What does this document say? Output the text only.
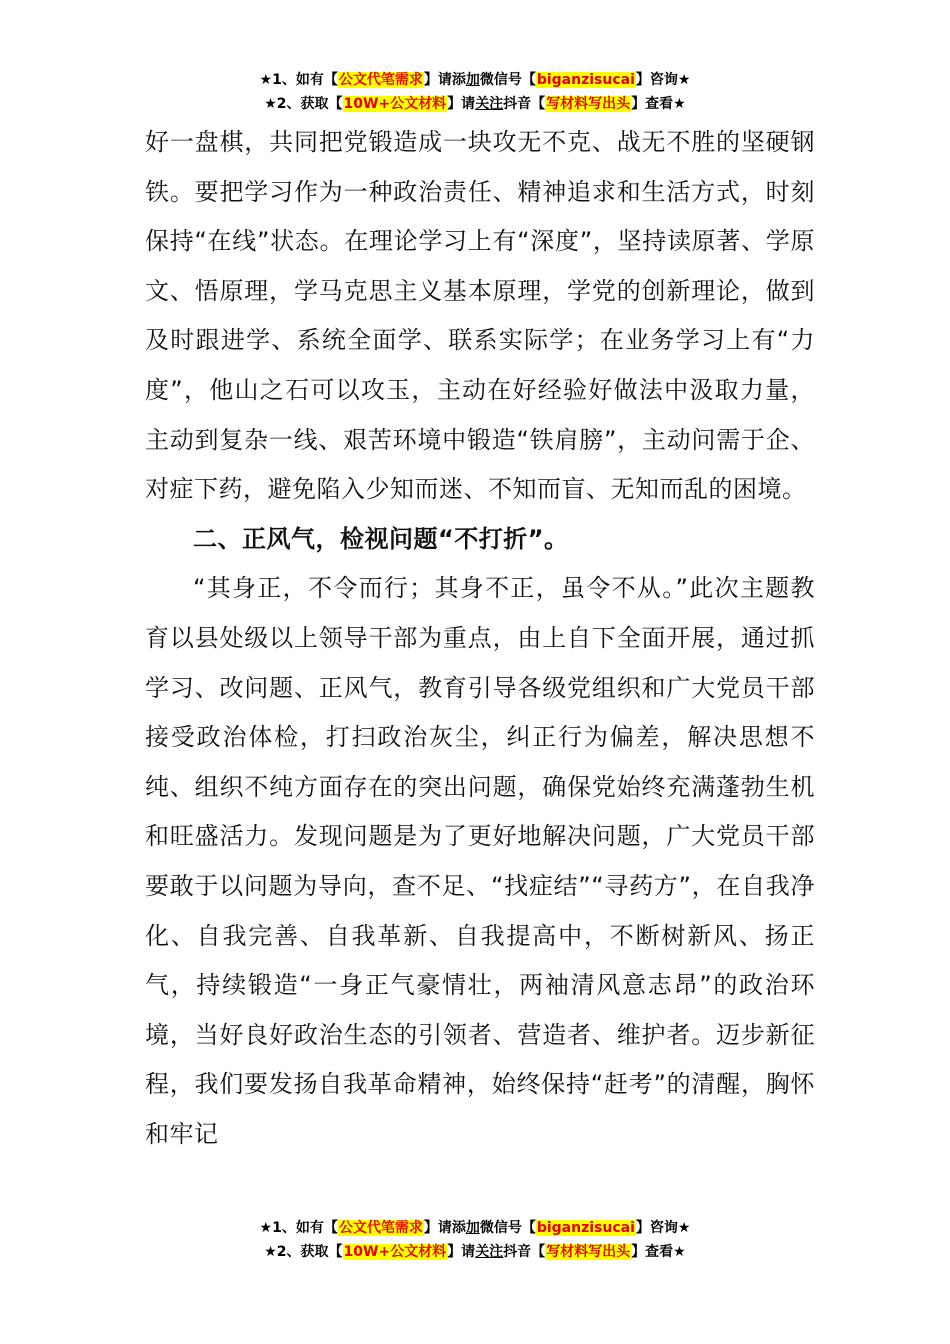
★1、如有【公文代笔需求】请添加微信号【biganzisucai】咨询★
★2、获取【10W+公文材料】请关注抖音【写材料写出头】查看★

好一盘棋，共同把党锻造成一块攻无不克、战无不胜的坚硬钢铁。要把学习作为一种政治责任、精神追求和生活方式，时刻保持“在线”状态。在理论学习上有“深度”，坚持读原著、学原文、悟原理，学马克思主义基本原理，学党的创新理论，做到及时跟进学、系统全面学、联系实际学；在业务学习上有“力度”，他山之石可以攻玉，主动在好经验好做法中汲取力量，主动到复杂一线、艰苦环境中锻造“铁肩膀”，主动问需于企、对症下药，避免陷入少知而迷、不知而盲、无知而乱的困境。

二、正风气，检视问题“不打折”。

“其身正，不令而行；其身不正，虽令不从。”此次主题教育以县处级以上领导干部为重点，由上自下全面开展，通过抓学习、改问题、正风气，教育引导各级党组织和广大党员干部接受政治体检，打扫政治灰尘，纠正行为偏差，解决思想不纯、组织不纯方面存在的突出问题，确保党始终充满蓬勃生机和旺盛活力。发现问题是为了更好地解决问题，广大党员干部要敢于以问题为导向，查不足、“找症结”“寻药方”，在自我净化、自我完善、自我革新、自我提高中，不断树新风、扬正气，持续锻造“一身正气豪情壮，两袖清风意志昂”的政治环境，当好良好政治生态的引领者、营造者、维护者。迈步新征程，我们要发扬自我革命精神，始终保持“赶考”的清醒，胸怀和牢记

★1、如有【公文代笔需求】请添加微信号【biganzisucai】咨询★
★2、获取【10W+公文材料】请关注抖音【写材料写出头】查看★
